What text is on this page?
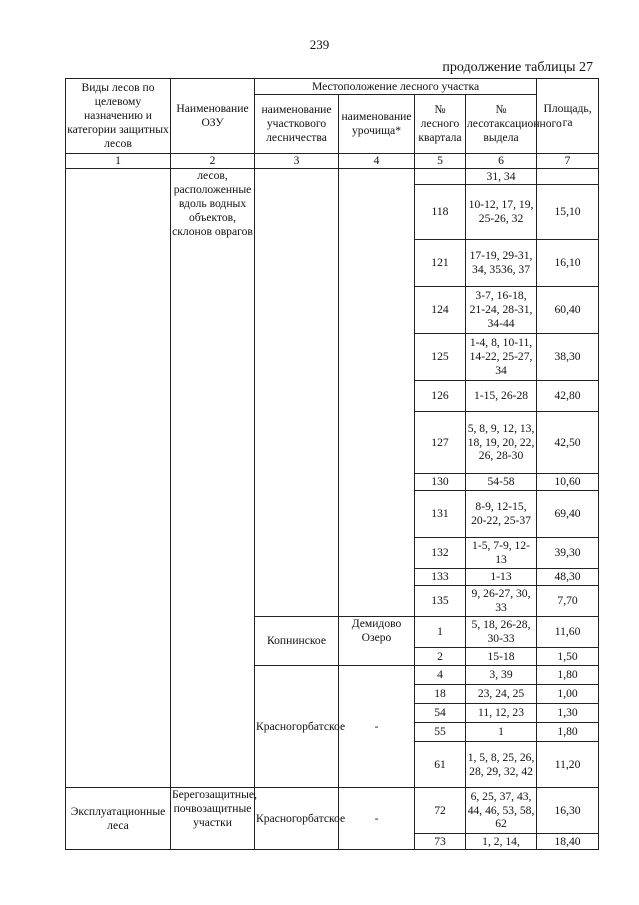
239
продолжение таблицы 27
Виды лесов по целевому назначению и категории защитных лесов	Наименование ОЗУ	Местоположение лесного участка				Площадь, га
		наименование участкового лесничества	наименование урочища*	№ лесного квартала	№ лесотаксационного выдела	
1	2	3	4	5	6	7
	лесов, расположенные вдоль водных объектов, склонов оврагов				31, 34	
				118	10-12, 17, 19, 25-26, 32	15,10
				121	17-19, 29-31, 34, 3536, 37	16,10
				124	3-7, 16-18, 21-24, 28-31, 34-44	60,40
				125	1-4, 8, 10-11, 14-22, 25-27, 34	38,30
				126	1-15, 26-28	42,80
				127	5, 8, 9, 12, 13, 18, 19, 20, 22, 26, 28-30	42,50
				130	54-58	10,60
				131	8-9, 12-15, 20-22, 25-37	69,40
				132	1-5, 7-9, 12-13	39,30
				133	1-13	48,30
				135	9, 26-27, 30, 33	7,70
		Копнинское	Демидово Озеро	1	5, 18, 26-28, 30-33	11,60
				2	15-18	1,50
		Красногорбатское	-	4	3, 39	1,80
				18	23, 24, 25	1,00
				54	11, 12, 23	1,30
				55	1	1,80
				61	1, 5, 8, 25, 26, 28, 29, 32, 42	11,20
Эксплуатационные леса	Берегозащитные, почвозащитные участки	Красногорбатское	-	72	6, 25, 37, 43, 44, 46, 53, 58, 62	16,30
				73	1, 2, 14,	18,40
